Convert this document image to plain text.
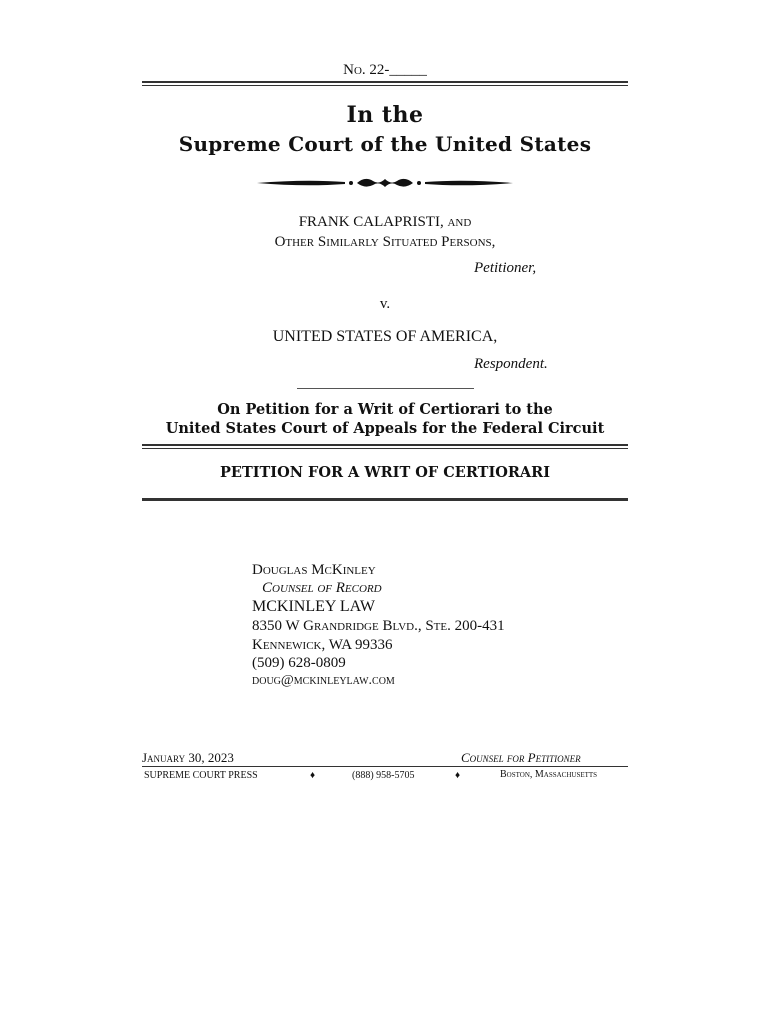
No. 22-_____
In the
Supreme Court of the United States
FRANK CALAPRISTI, and
Other Similarly Situated Persons,
Petitioner,
v.
UNITED STATES OF AMERICA,
Respondent.
On Petition for a Writ of Certiorari to the
United States Court of Appeals for the Federal Circuit
PETITION FOR A WRIT OF CERTIORARI
Douglas McKinley
Counsel of Record
MCKINLEY LAW
8350 W Grandridge Blvd., Ste. 200-431
Kennewick, WA 99336
(509) 628-0809
doug@mckinleylaw.com
January 30, 2023	Counsel for Petitioner
SUPREME COURT PRESS	♦	(888) 958-5705	♦	Boston, Massachusetts
